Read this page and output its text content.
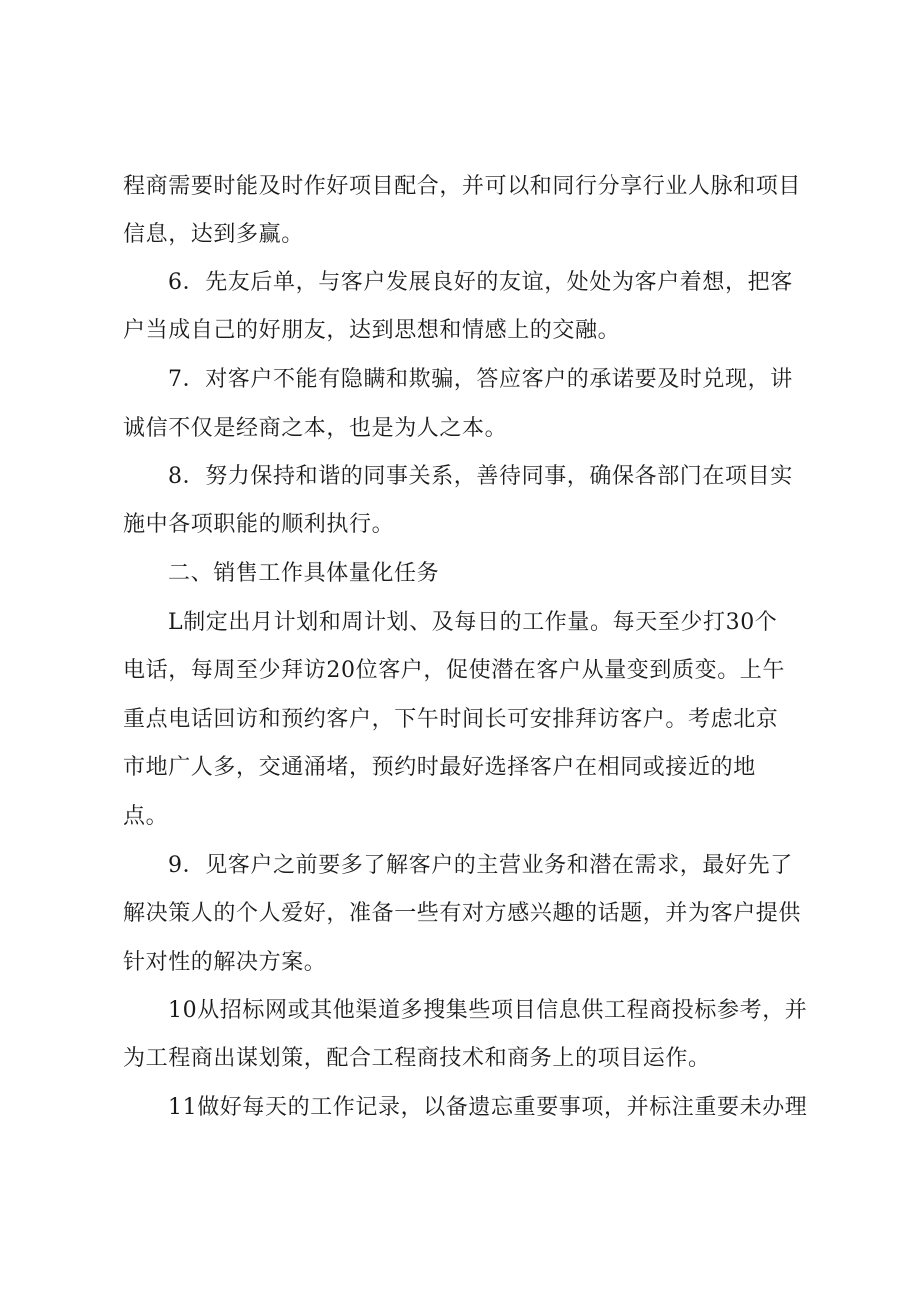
程商需要时能及时作好项目配合，并可以和同行分享行业人脉和项目

信息，达到多赢。

6．先友后单，与客户发展良好的友谊，处处为客户着想，把客

户当成自己的好朋友，达到思想和情感上的交融。

7．对客户不能有隐瞒和欺骗，答应客户的承诺要及时兑现，讲

诚信不仅是经商之本，也是为人之本。

8．努力保持和谐的同事关系，善待同事，确保各部门在项目实

施中各项职能的顺利执行。

二、销售工作具体量化任务

L制定出月计划和周计划、及每日的工作量。每天至少打30个

电话，每周至少拜访20位客户，促使潜在客户从量变到质变。上午

重点电话回访和预约客户，下午时间长可安排拜访客户。考虑北京

市地广人多，交通涌堵，预约时最好选择客户在相同或接近的地

点。

9．见客户之前要多了解客户的主营业务和潜在需求，最好先了

解决策人的个人爱好，准备一些有对方感兴趣的话题，并为客户提供

针对性的解决方案。

10从招标网或其他渠道多搜集些项目信息供工程商投标参考，并

为工程商出谋划策，配合工程商技术和商务上的项目运作。

11做好每天的工作记录，以备遗忘重要事项，并标注重要未办理
